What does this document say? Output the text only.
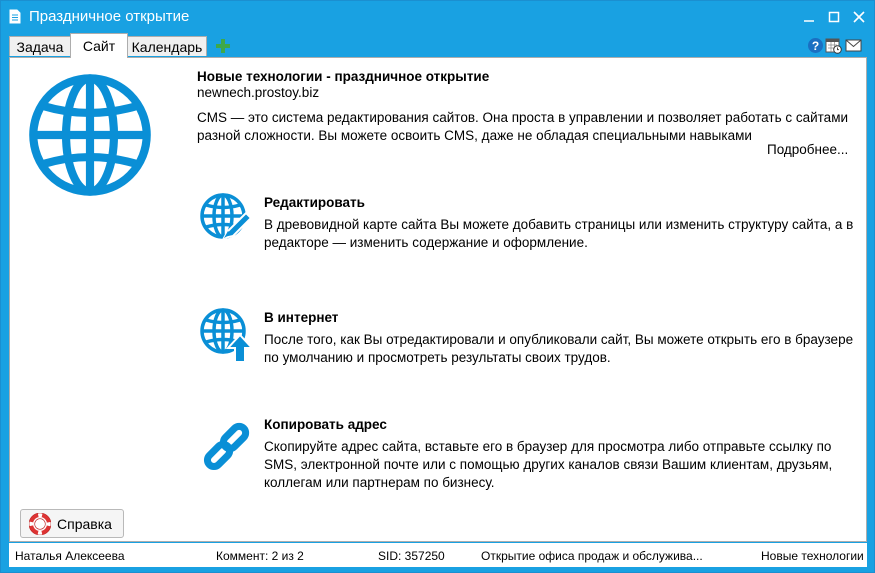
Праздничное открытие
Задача Сайт Календарь	?
Новые технологии - праздничное открытие
newnech.prostoy.biz
CMS — это система редактирования сайтов. Она проста в управлении и позволяет работать с сайтами разной сложности. Вы можете освоить CMS, даже не обладая специальными навыками
Подробнее...
Редактировать
В древовидной карте сайта Вы можете добавить страницы или изменить структуру сайта, а в редакторе — изменить содержание и оформление.
В интернет
После того, как Вы отредактировали и опубликовали сайт, Вы можете открыть его в браузере по умолчанию и просмотреть результаты своих трудов.
Копировать адрес
Скопируйте адрес сайта, вставьте его в браузер для просмотра либо отправьте ссылку по SMS, электронной почте или с помощью других каналов связи Вашим клиентам, друзьям, коллегам или партнерам по бизнесу.
Справка
Наталья Алексеева	Коммент: 2 из 2	SID: 357250	Открытие офиса продаж и обслужива...	Новые технологии
